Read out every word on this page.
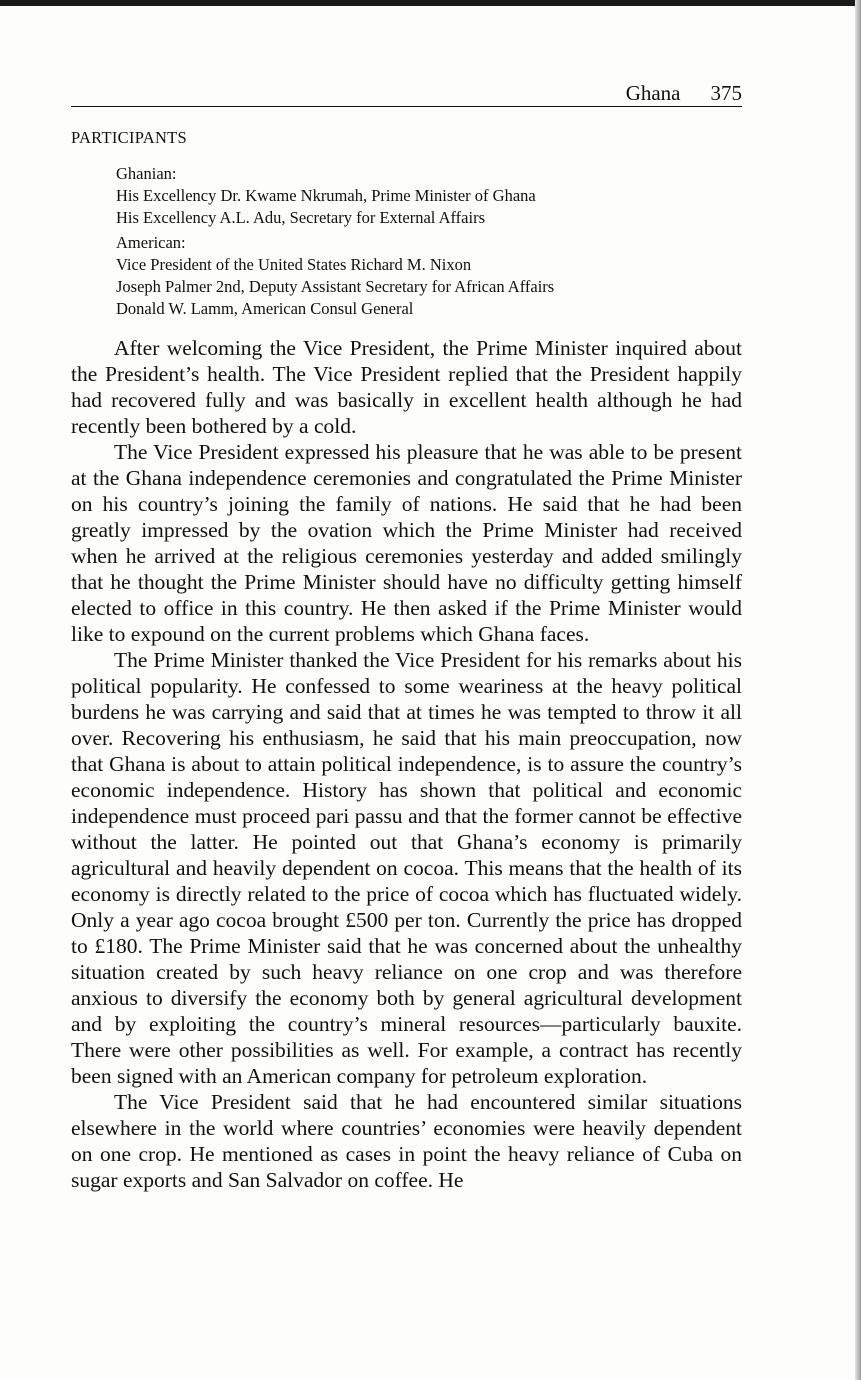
Ghana 375
PARTICIPANTS
Ghanian:
His Excellency Dr. Kwame Nkrumah, Prime Minister of Ghana
His Excellency A.L. Adu, Secretary for External Affairs
American:
Vice President of the United States Richard M. Nixon
Joseph Palmer 2nd, Deputy Assistant Secretary for African Affairs
Donald W. Lamm, American Consul General

After welcoming the Vice President, the Prime Minister inquired about the President’s health. The Vice President replied that the President happily had recovered fully and was basically in excellent health although he had recently been bothered by a cold.

The Vice President expressed his pleasure that he was able to be present at the Ghana independence ceremonies and congratulated the Prime Minister on his country’s joining the family of nations. He said that he had been greatly impressed by the ovation which the Prime Minister had received when he arrived at the religious ceremonies yesterday and added smilingly that he thought the Prime Minister should have no difficulty getting himself elected to office in this country. He then asked if the Prime Minister would like to expound on the current problems which Ghana faces.

The Prime Minister thanked the Vice President for his remarks about his political popularity. He confessed to some weariness at the heavy political burdens he was carrying and said that at times he was tempted to throw it all over. Recovering his enthusiasm, he said that his main preoccupation, now that Ghana is about to attain political independence, is to assure the country’s economic independence. History has shown that political and economic independence must proceed pari passu and that the former cannot be effective without the latter. He pointed out that Ghana’s economy is primarily agricultural and heavily dependent on cocoa. This means that the health of its economy is directly related to the price of cocoa which has fluctuated widely. Only a year ago cocoa brought £500 per ton. Currently the price has dropped to £180. The Prime Minister said that he was concerned about the unhealthy situation created by such heavy reliance on one crop and was therefore anxious to diversify the economy both by general agricultural development and by exploiting the country’s mineral resources—particularly bauxite. There were other possibilities as well. For example, a contract has recently been signed with an American company for petroleum exploration.

The Vice President said that he had encountered similar situations elsewhere in the world where countries’ economies were heavily dependent on one crop. He mentioned as cases in point the heavy reliance of Cuba on sugar exports and San Salvador on coffee. He
